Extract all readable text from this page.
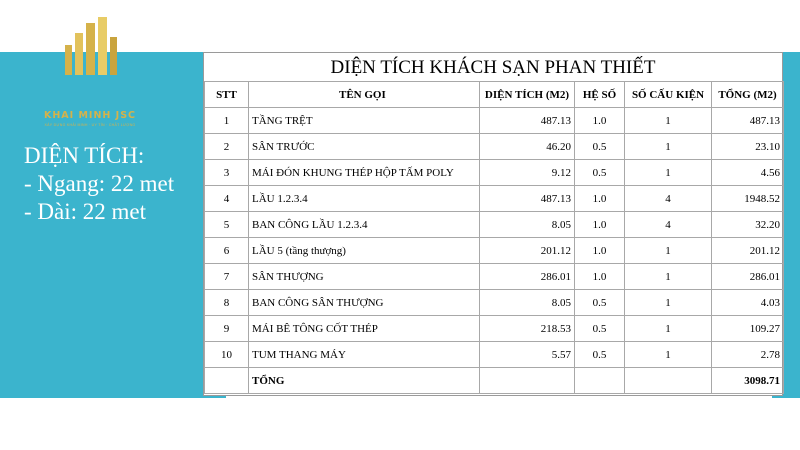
KHAI MINH JSC
XÂY DỰNG KHẢI MINH · UY TÍN · CHẤT LƯỢNG
DIỆN TÍCH:
- Ngang: 22 met
- Dài: 22 met
DIỆN TÍCH KHÁCH SẠN PHAN THIẾT
STT	TÊN GỌI	DIỆN TÍCH (M2)	HỆ SỐ	SỐ CẤU KIỆN	TỔNG (M2)
1	TẦNG TRỆT	487.13	1.0	1	487.13
2	SÂN TRƯỚC	46.20	0.5	1	23.10
3	MÁI ĐÓN KHUNG THÉP HỘP TẤM POLY	9.12	0.5	1	4.56
4	LẦU 1.2.3.4	487.13	1.0	4	1948.52
5	BAN CÔNG LẦU 1.2.3.4	8.05	1.0	4	32.20
6	LẦU 5 (tầng thượng)	201.12	1.0	1	201.12
7	SÂN THƯỢNG	286.01	1.0	1	286.01
8	BAN CÔNG SÂN THƯỢNG	8.05	0.5	1	4.03
9	MÁI BÊ TÔNG CỐT THÉP	218.53	0.5	1	109.27
10	TUM THANG MÁY	5.57	0.5	1	2.78
	TỔNG				3098.71
